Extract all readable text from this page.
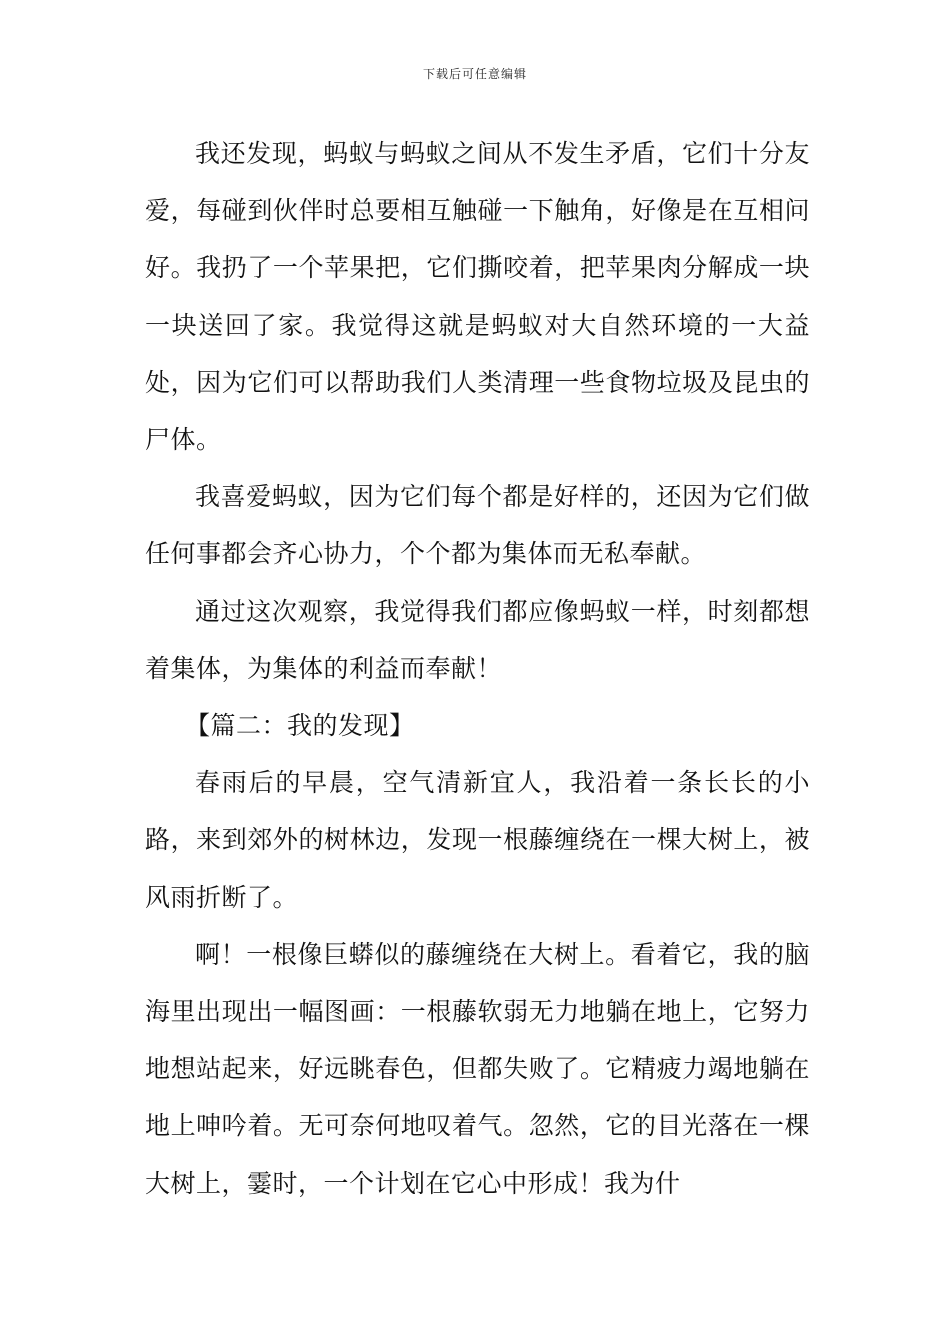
下载后可任意编辑

我还发现，蚂蚁与蚂蚁之间从不发生矛盾，它们十分友爱，每碰到伙伴时总要相互触碰一下触角，好像是在互相问好。我扔了一个苹果把，它们撕咬着，把苹果肉分解成一块一块送回了家。我觉得这就是蚂蚁对大自然环境的一大益处，因为它们可以帮助我们人类清理一些食物垃圾及昆虫的尸体。

我喜爱蚂蚁，因为它们每个都是好样的，还因为它们做任何事都会齐心协力，个个都为集体而无私奉献。

通过这次观察，我觉得我们都应像蚂蚁一样，时刻都想着集体，为集体的利益而奉献！

【篇二：我的发现】

春雨后的早晨，空气清新宜人，我沿着一条长长的小路，来到郊外的树林边，发现一根藤缠绕在一棵大树上，被风雨折断了。

啊！一根像巨蟒似的藤缠绕在大树上。看着它，我的脑海里出现出一幅图画：一根藤软弱无力地躺在地上，它努力地想站起来，好远眺春色，但都失败了。它精疲力竭地躺在地上呻吟着。无可奈何地叹着气。忽然，它的目光落在一棵大树上，霎时，一个计划在它心中形成！我为什
